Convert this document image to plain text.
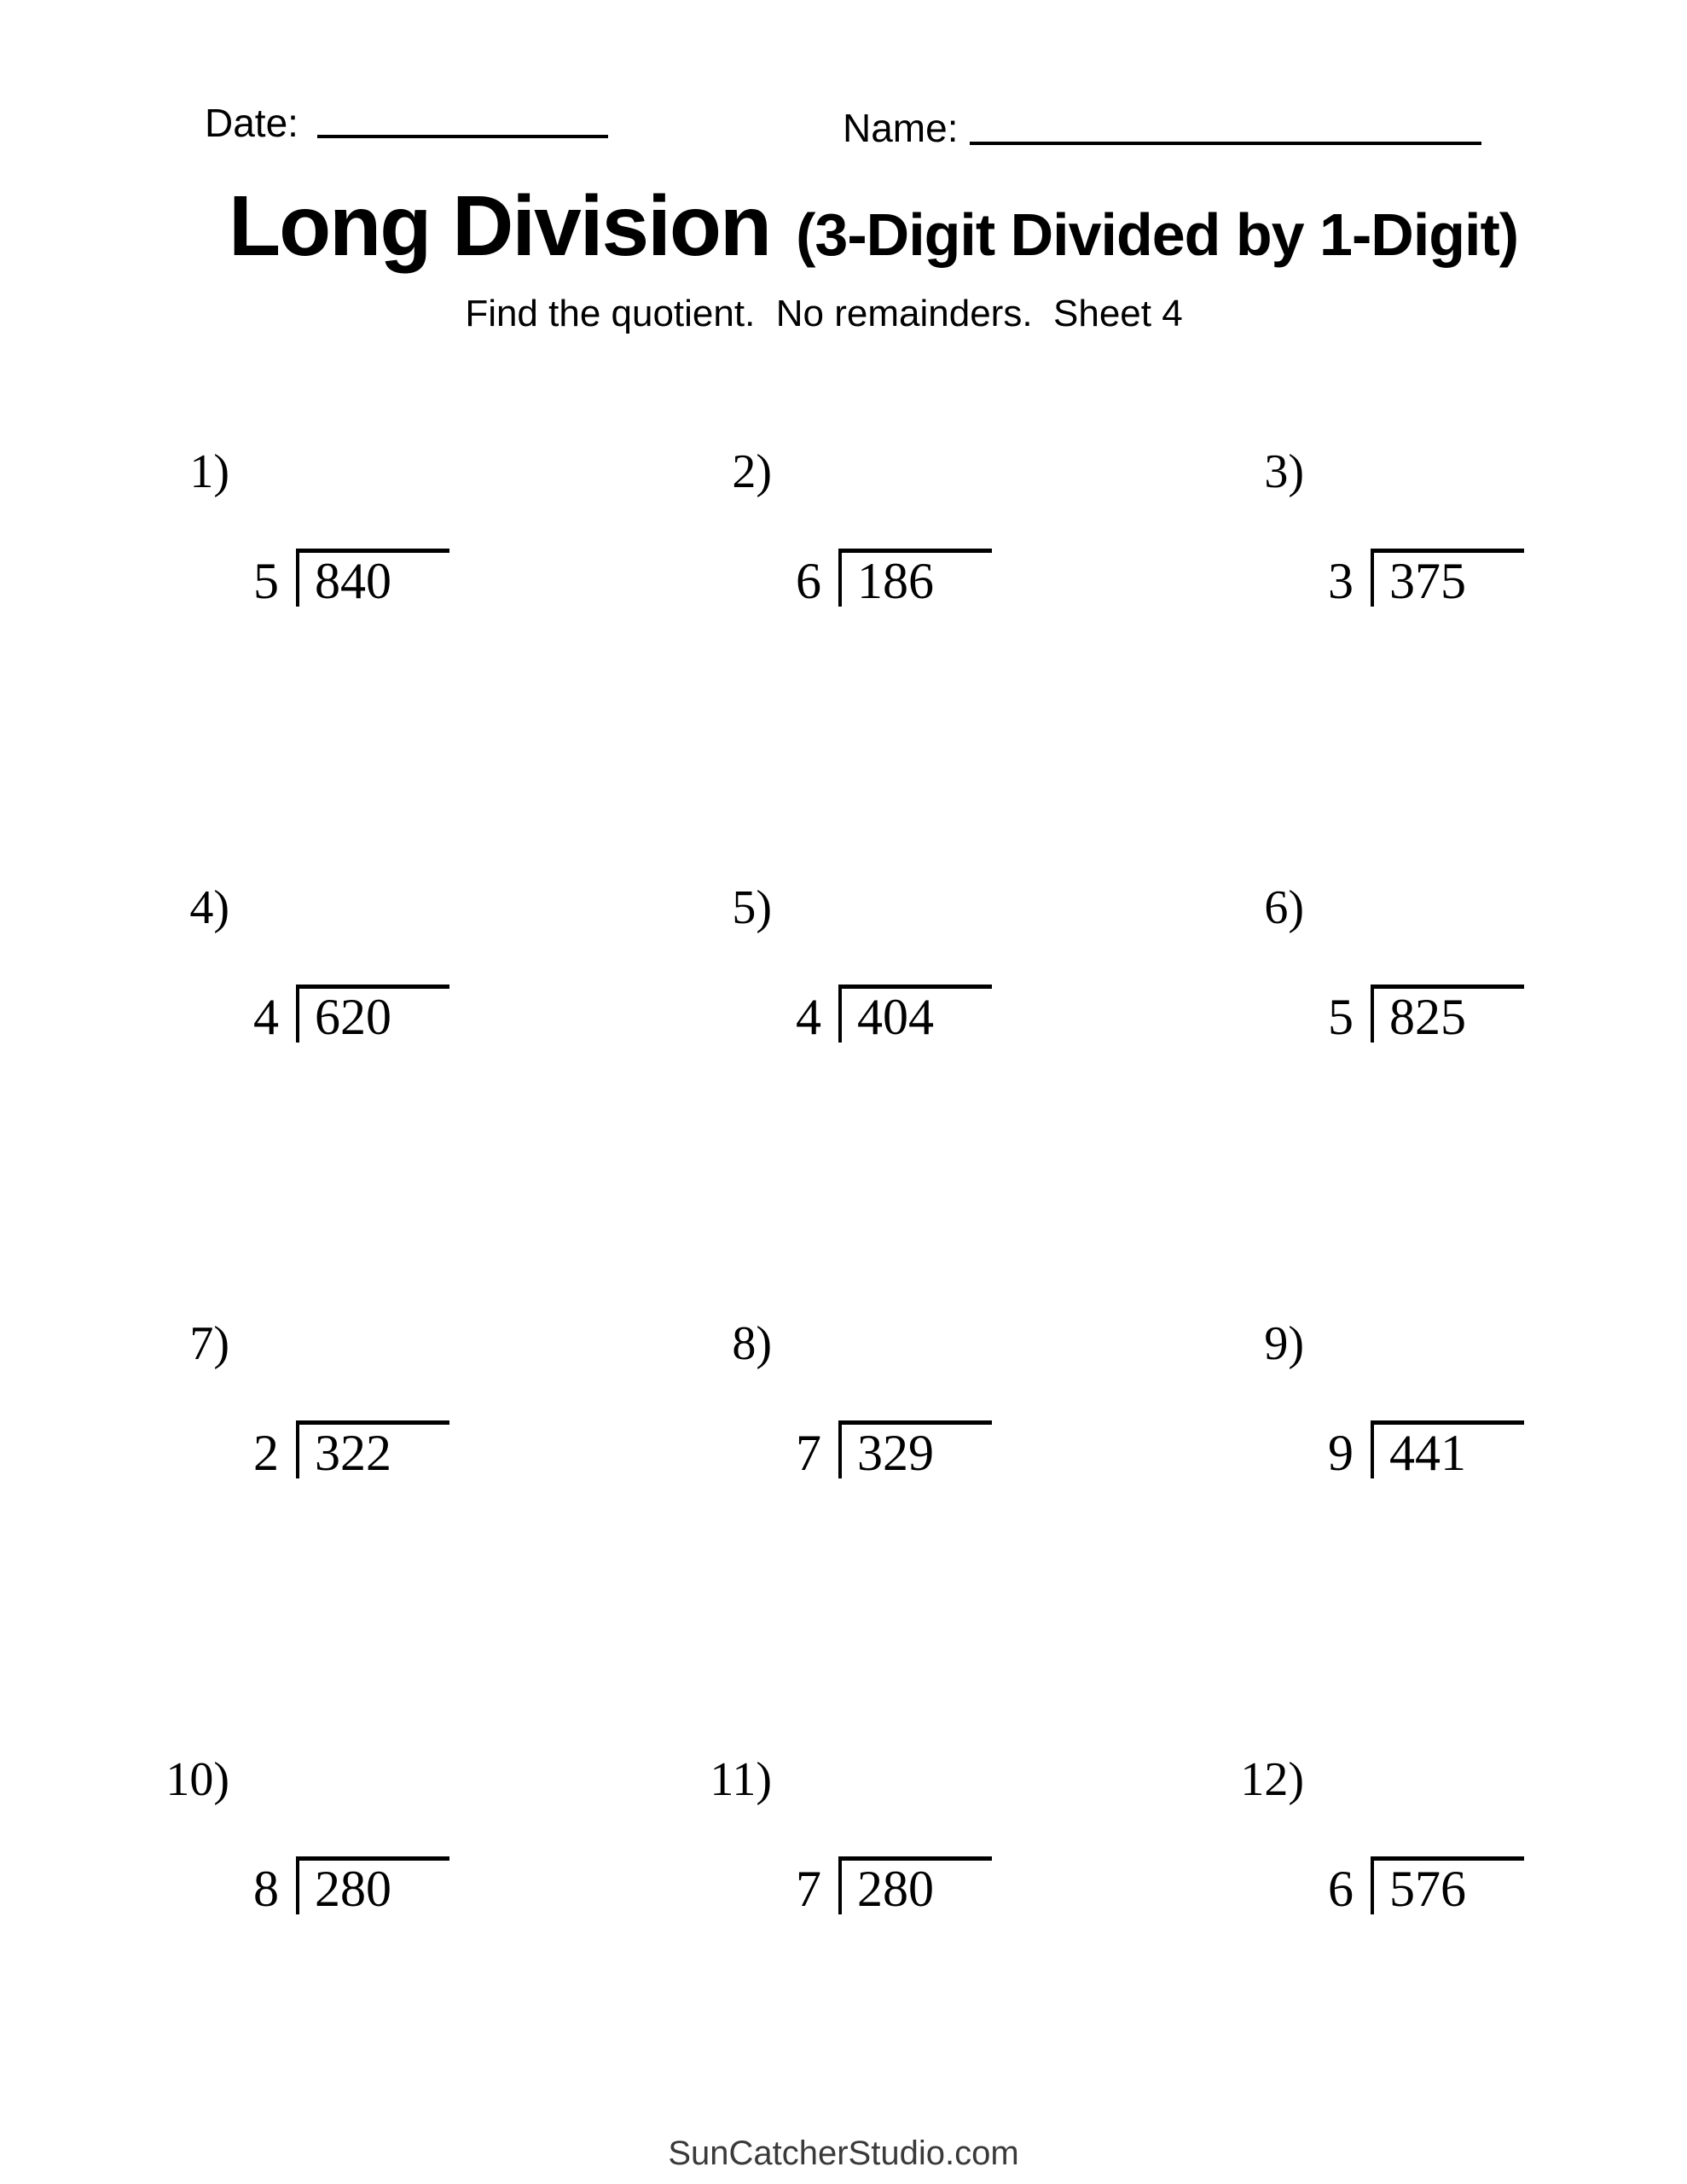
Date:	Name:
Long Division (3-Digit Divided by 1-Digit)
Find the quotient.  No remainders.  Sheet 4
1)
5 840
2)
6 186
3)
3 375
4)
4 620
5)
4 404
6)
5 825
7)
2 322
8)
7 329
9)
9 441
10)
8 280
11)
7 280
12)
6 576
SunCatcherStudio.com
